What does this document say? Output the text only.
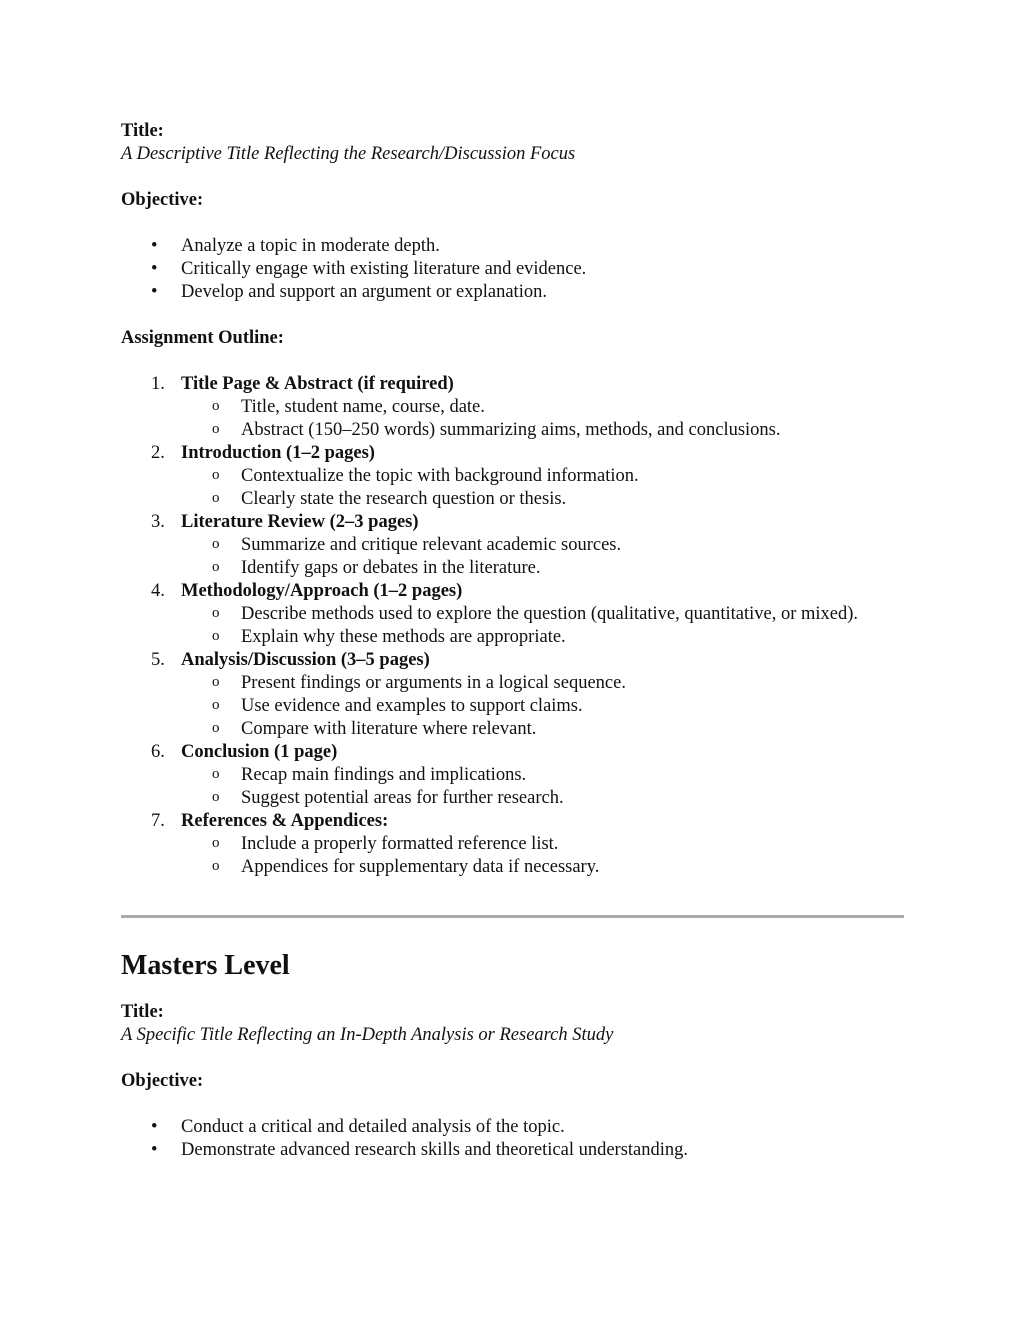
Title:

A Descriptive Title Reflecting the Research/Discussion Focus

Objective:

• Analyze a topic in moderate depth.
• Critically engage with existing literature and evidence.
• Develop and support an argument or explanation.

Assignment Outline:

1. Title Page & Abstract (if required)
o Title, student name, course, date.
o Abstract (150–250 words) summarizing aims, methods, and conclusions.
2. Introduction (1–2 pages)
o Contextualize the topic with background information.
o Clearly state the research question or thesis.
3. Literature Review (2–3 pages)
o Summarize and critique relevant academic sources.
o Identify gaps or debates in the literature.
4. Methodology/Approach (1–2 pages)
o Describe methods used to explore the question (qualitative, quantitative, or mixed).
o Explain why these methods are appropriate.
5. Analysis/Discussion (3–5 pages)
o Present findings or arguments in a logical sequence.
o Use evidence and examples to support claims.
o Compare with literature where relevant.
6. Conclusion (1 page)
o Recap main findings and implications.
o Suggest potential areas for further research.
7. References & Appendices:
o Include a properly formatted reference list.
o Appendices for supplementary data if necessary.
Masters Level

Title:

A Specific Title Reflecting an In-Depth Analysis or Research Study

Objective:

• Conduct a critical and detailed analysis of the topic.
• Demonstrate advanced research skills and theoretical understanding.
